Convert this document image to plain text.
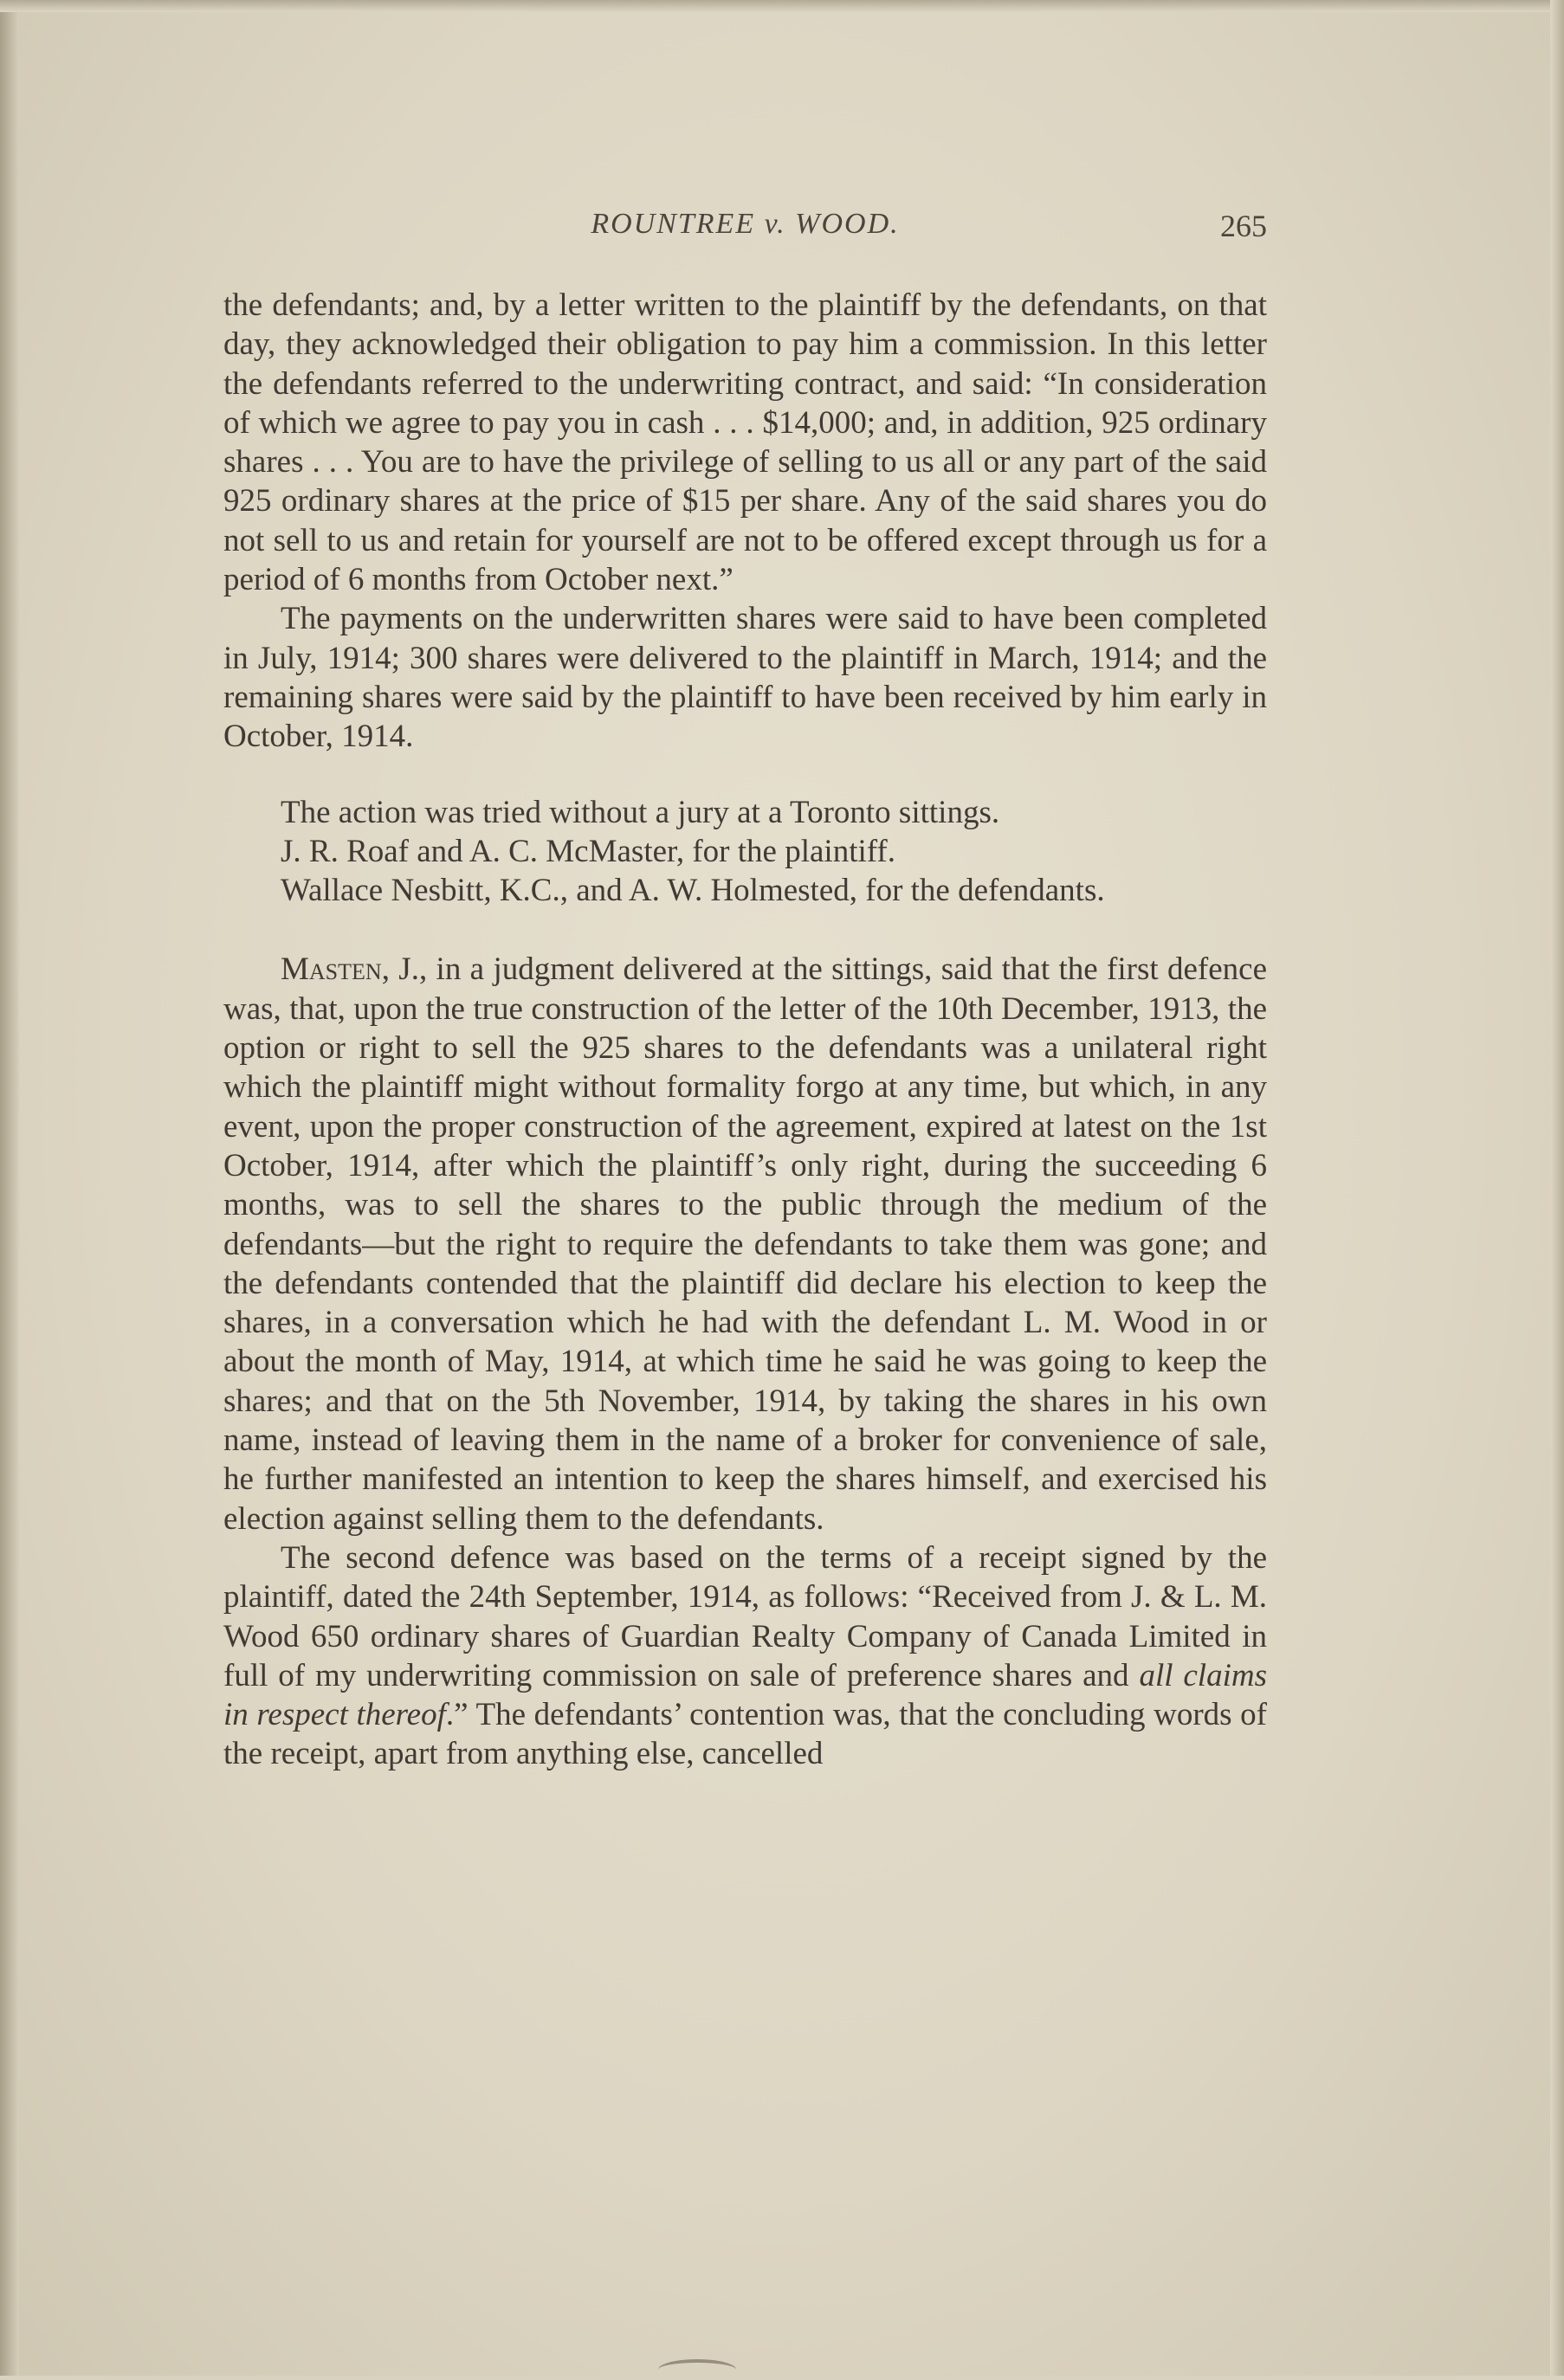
ROUNTREE v. WOOD.	265

the defendants; and, by a letter written to the plaintiff by the defendants, on that day, they acknowledged their obligation to pay him a commission. In this letter the defendants referred to the underwriting contract, and said: “In consideration of which we agree to pay you in cash . . . $14,000; and, in addition, 925 ordinary shares . . . You are to have the privilege of selling to us all or any part of the said 925 ordinary shares at the price of $15 per share. Any of the said shares you do not sell to us and retain for yourself are not to be offered except through us for a period of 6 months from October next.”

The payments on the underwritten shares were said to have been completed in July, 1914; 300 shares were delivered to the plaintiff in March, 1914; and the remaining shares were said by the plaintiff to have been received by him early in October, 1914.

The action was tried without a jury at a Toronto sittings.

J. R. Roaf and A. C. McMaster, for the plaintiff.

Wallace Nesbitt, K.C., and A. W. Holmested, for the defendants.

Masten, J., in a judgment delivered at the sittings, said that the first defence was, that, upon the true construction of the letter of the 10th December, 1913, the option or right to sell the 925 shares to the defendants was a unilateral right which the plaintiff might without formality forgo at any time, but which, in any event, upon the proper construction of the agreement, expired at latest on the 1st October, 1914, after which the plaintiff’s only right, during the succeeding 6 months, was to sell the shares to the public through the medium of the defendants—but the right to require the defendants to take them was gone; and the defendants contended that the plaintiff did declare his election to keep the shares, in a conversation which he had with the defendant L. M. Wood in or about the month of May, 1914, at which time he said he was going to keep the shares; and that on the 5th November, 1914, by taking the shares in his own name, instead of leaving them in the name of a broker for convenience of sale, he further manifested an intention to keep the shares himself, and exercised his election against selling them to the defendants.

The second defence was based on the terms of a receipt signed by the plaintiff, dated the 24th September, 1914, as follows: “Received from J. & L. M. Wood 650 ordinary shares of Guardian Realty Company of Canada Limited in full of my underwriting commission on sale of preference shares and all claims in respect thereof.” The defendants’ contention was, that the concluding words of the receipt, apart from anything else, cancelled
